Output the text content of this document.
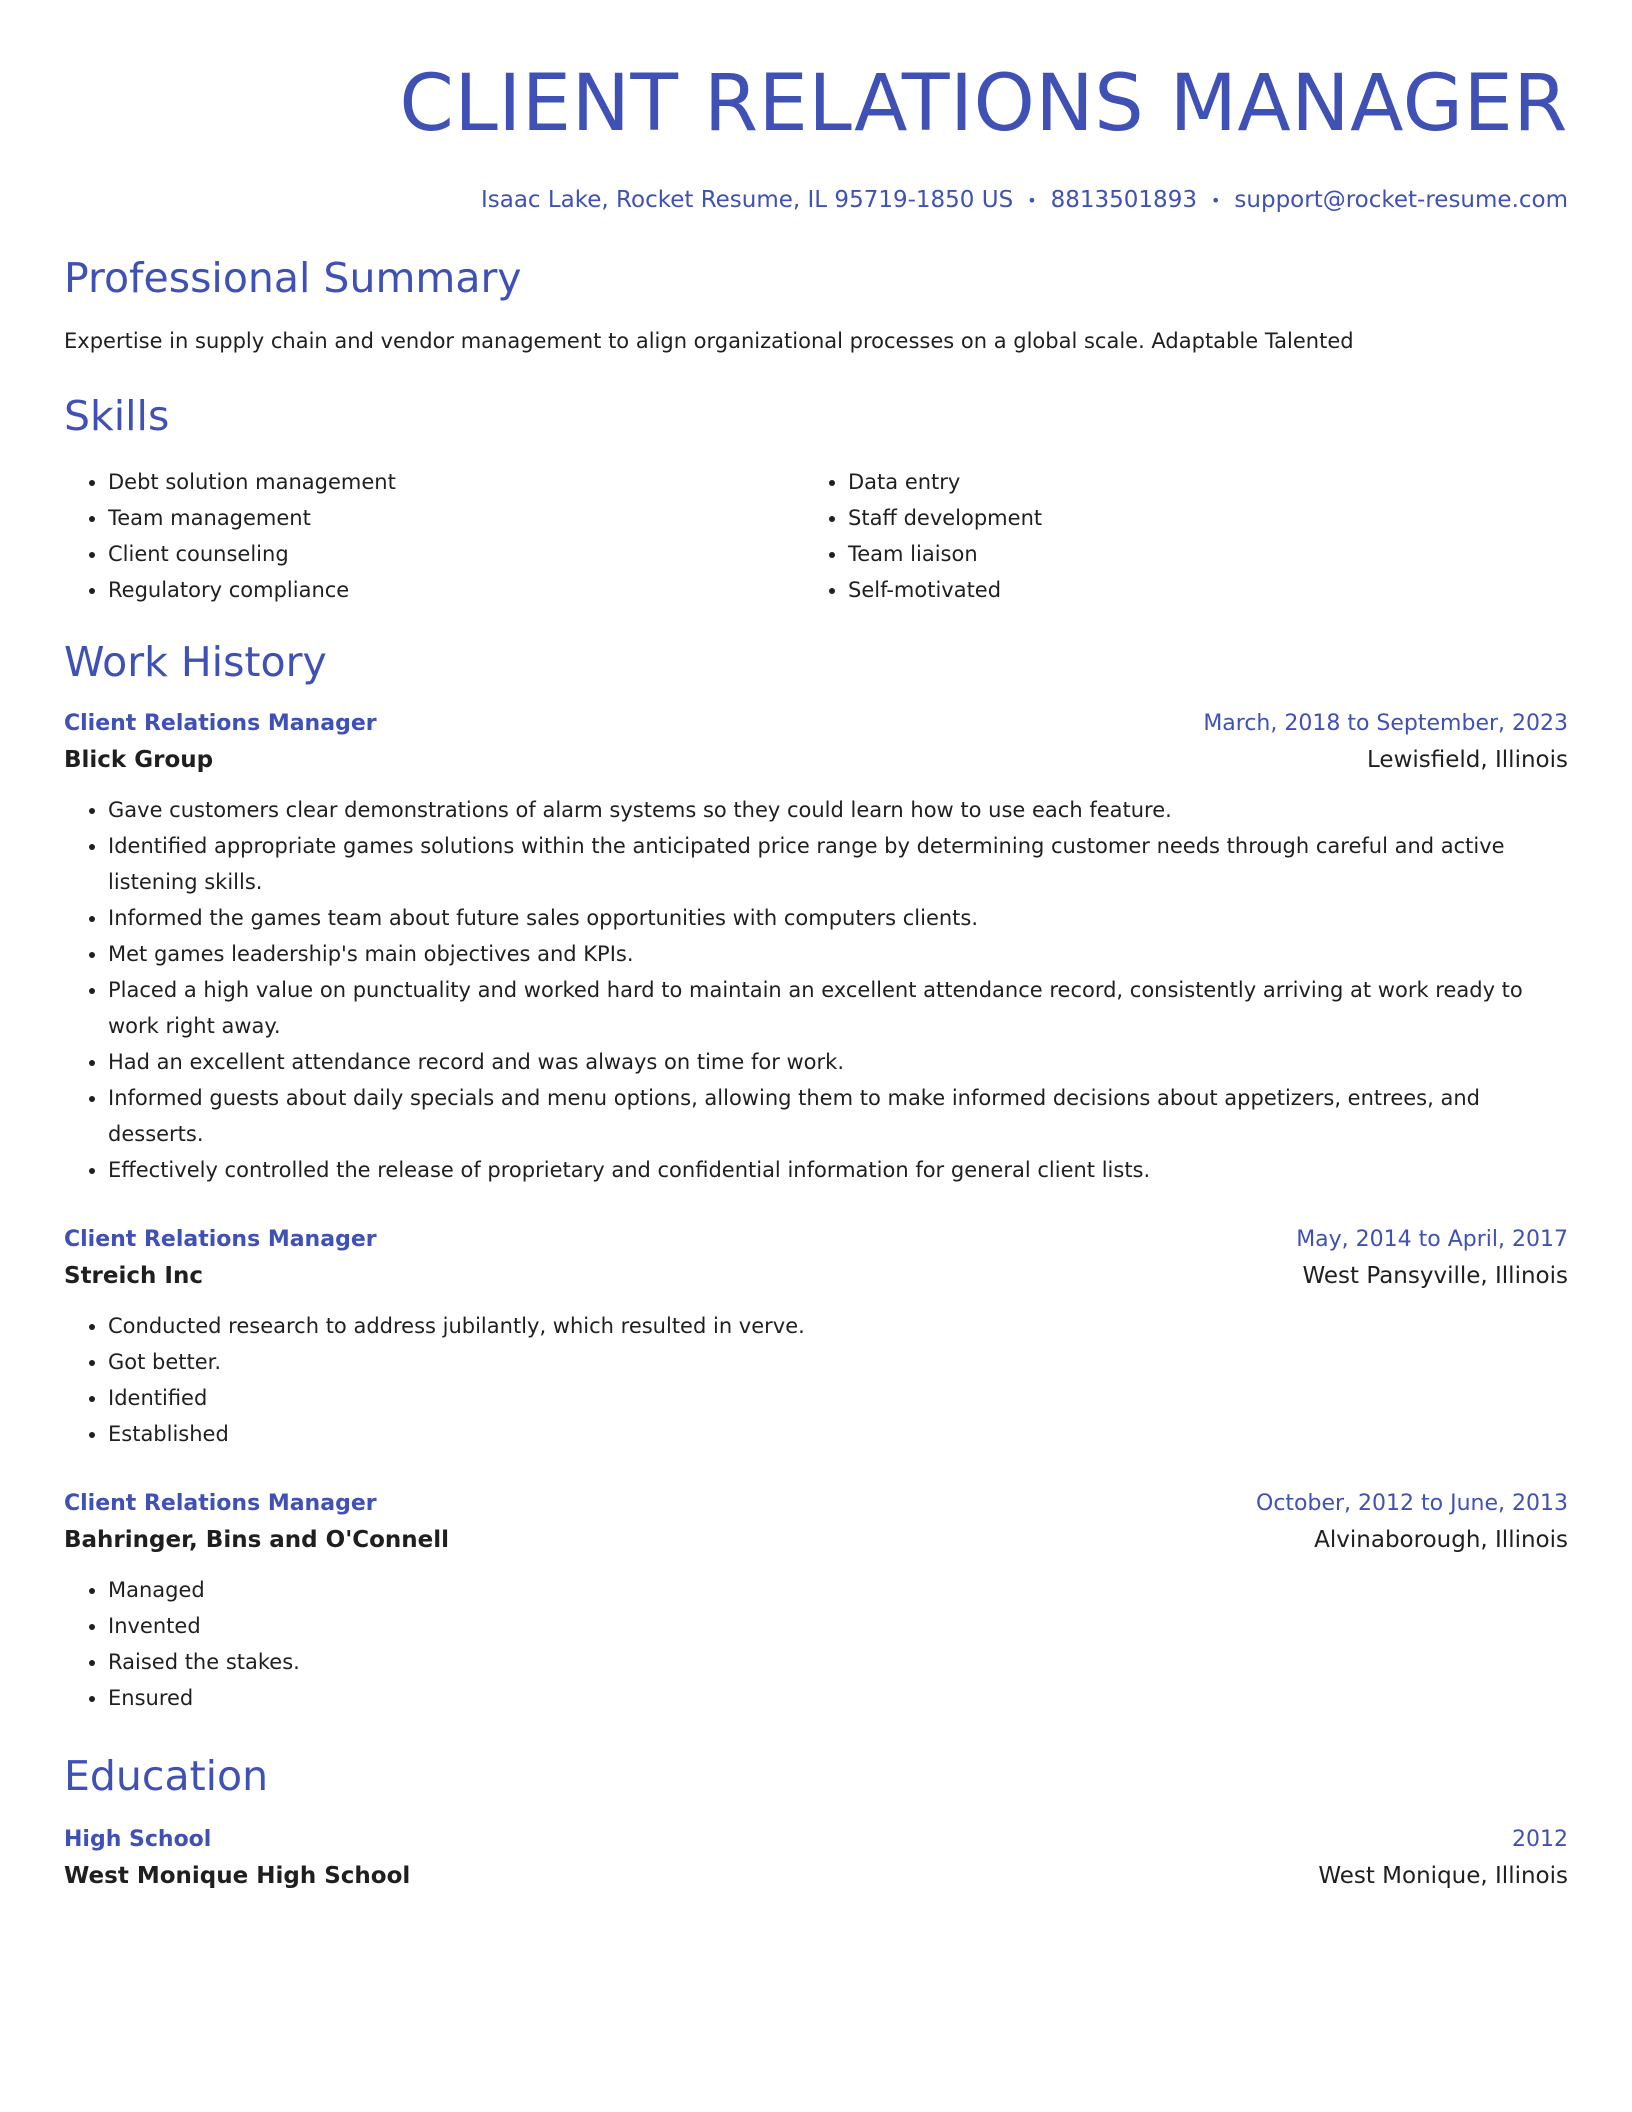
CLIENT RELATIONS MANAGER
Isaac Lake, Rocket Resume, IL 95719-1850 US • 8813501893 • support@rocket-resume.com
Professional Summary

Expertise in supply chain and vendor management to align organizational processes on a global scale. Adaptable Talented

Skills
• Debt solution management
• Team management
• Client counseling
• Regulatory compliance
• Data entry
• Staff development
• Team liaison
• Self-motivated
Work History
Client Relations Manager	March, 2018 to September, 2023
Blick Group	Lewisfield, Illinois
• Gave customers clear demonstrations of alarm systems so they could learn how to use each feature.
• Identified appropriate games solutions within the anticipated price range by determining customer needs through careful and active listening skills.
• Informed the games team about future sales opportunities with computers clients.
• Met games leadership's main objectives and KPIs.
• Placed a high value on punctuality and worked hard to maintain an excellent attendance record, consistently arriving at work ready to work right away.
• Had an excellent attendance record and was always on time for work.
• Informed guests about daily specials and menu options, allowing them to make informed decisions about appetizers, entrees, and desserts.
• Effectively controlled the release of proprietary and confidential information for general client lists.
Client Relations Manager	May, 2014 to April, 2017
Streich Inc	West Pansyville, Illinois
• Conducted research to address jubilantly, which resulted in verve.
• Got better.
• Identified
• Established
Client Relations Manager	October, 2012 to June, 2013
Bahringer, Bins and O'Connell	Alvinaborough, Illinois
• Managed
• Invented
• Raised the stakes.
• Ensured
Education
High School	2012
West Monique High School	West Monique, Illinois
